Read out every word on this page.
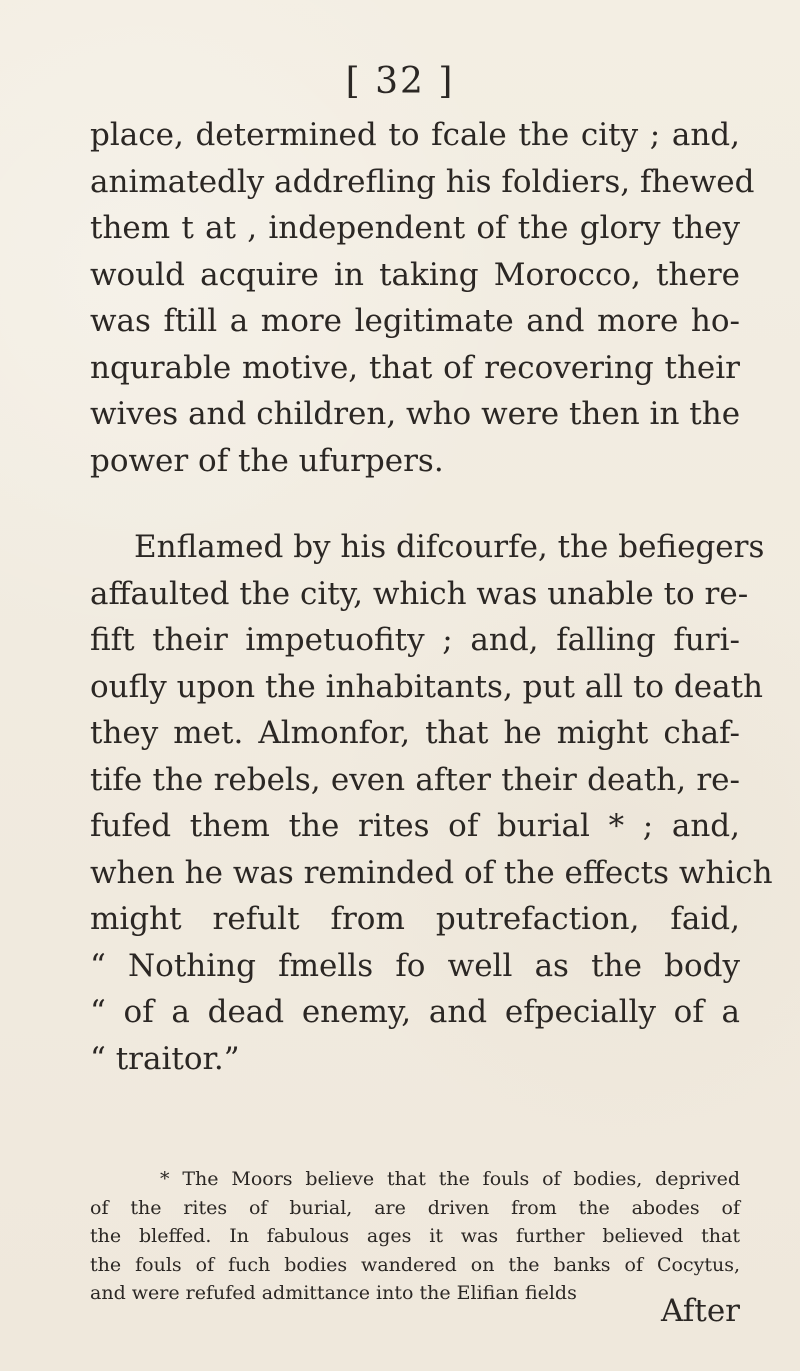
[ 32 ]
place, determined to fcale the city ; and,
animatedly addrefling his foldiers, fhewed
them t at , independent of the glory they
would acquire in taking Morocco, there
was ftill a more legitimate and more ho-
nqurable motive, that of recovering their
wives and children, who were then in the
power of the ufurpers.
Enflamed by his difcourfe, the befiegers
affaulted the city, which was unable to re-
fift their impetuofity ; and, falling furi-
oufly upon the inhabitants, put all to death
they met. Almonfor, that he might chaf-
tife the rebels, even after their death, re-
fufed them the rites of burial * ; and,
when he was reminded of the effects which
might refult from putrefaction, faid,
“ Nothing fmells fo well as the body
“ of a dead enemy, and efpecially of a
“ traitor.”
* The Moors believe that the fouls of bodies, deprived
of the rites of burial, are driven from the abodes of
the bleffed. In fabulous ages it was further believed that
the fouls of fuch bodies wandered on the banks of Cocytus,
and were refufed admittance into the Elifian fields	After
